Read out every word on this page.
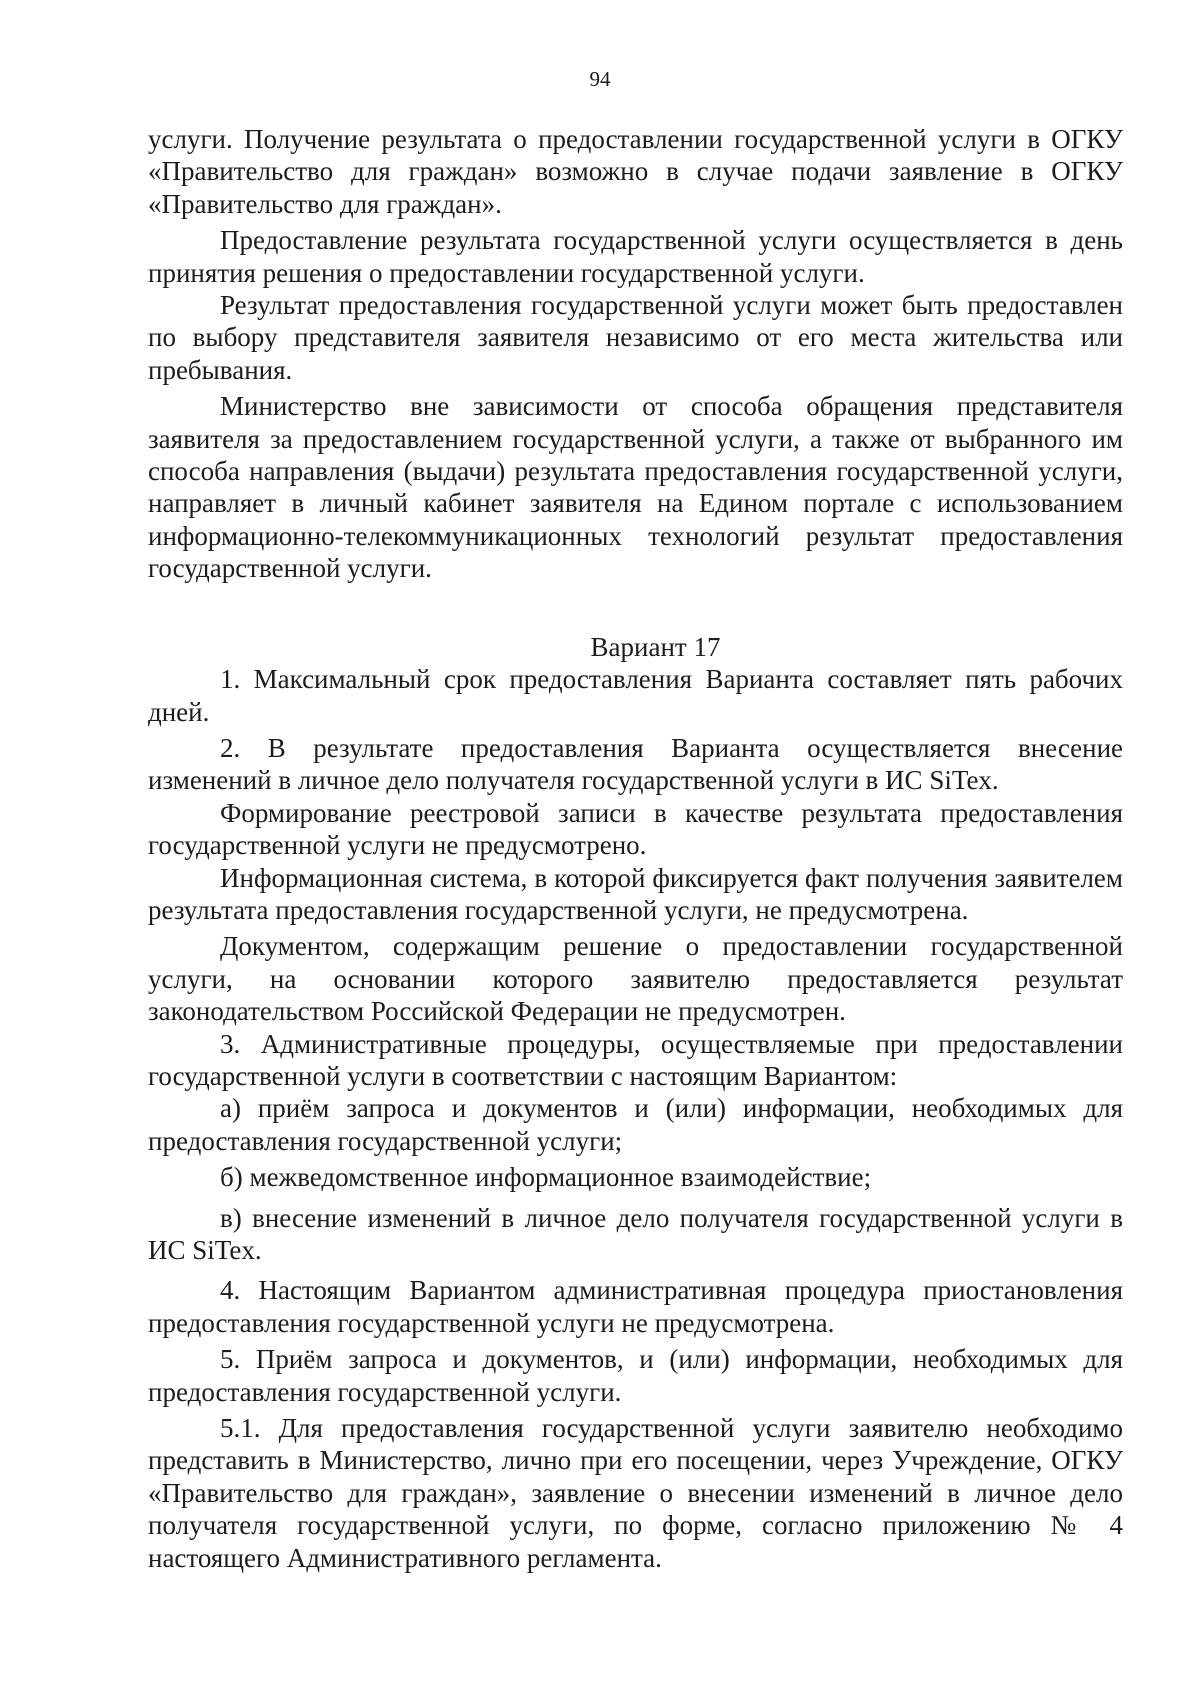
94

услуги. Получение результата о предоставлении государственной услуги в ОГКУ «Правительство для граждан» возможно в случае подачи заявление в ОГКУ «Правительство для граждан».

Предоставление результата государственной услуги осуществляется в день принятия решения о предоставлении государственной услуги.

Результат предоставления государственной услуги может быть предоставлен по выбору представителя заявителя независимо от его места жительства или пребывания.

Министерство вне зависимости от способа обращения представителя заявителя за предоставлением государственной услуги, а также от выбранного им способа направления (выдачи) результата предоставления государственной услуги, направляет в личный кабинет заявителя на Едином портале с использованием информационно-телекоммуникационных технологий результат предоставления государственной услуги.

Вариант 17

1. Максимальный срок предоставления Варианта составляет пять рабочих дней.

2. В результате предоставления Варианта осуществляется внесение изменений в личное дело получателя государственной услуги в ИС SiTex.

Формирование реестровой записи в качестве результата предоставления государственной услуги не предусмотрено.

Информационная система, в которой фиксируется факт получения заявителем результата предоставления государственной услуги, не предусмотрена.

Документом, содержащим решение о предоставлении государственной услуги, на основании которого заявителю предоставляется результат законодательством Российской Федерации не предусмотрен.

3. Административные процедуры, осуществляемые при предоставлении государственной услуги в соответствии с настоящим Вариантом:

а) приём запроса и документов и (или) информации, необходимых для предоставления государственной услуги;

б) межведомственное информационное взаимодействие;

в) внесение изменений в личное дело получателя государственной услуги в ИС SiTex.

4. Настоящим Вариантом административная процедура приостановления предоставления государственной услуги не предусмотрена.

5. Приём запроса и документов, и (или) информации, необходимых для предоставления государственной услуги.

5.1. Для предоставления государственной услуги заявителю необходимо представить в Министерство, лично при его посещении, через Учреждение, ОГКУ «Правительство для граждан», заявление о внесении изменений в личное дело получателя государственной услуги, по форме, согласно приложению № 4 настоящего Административного регламента.
